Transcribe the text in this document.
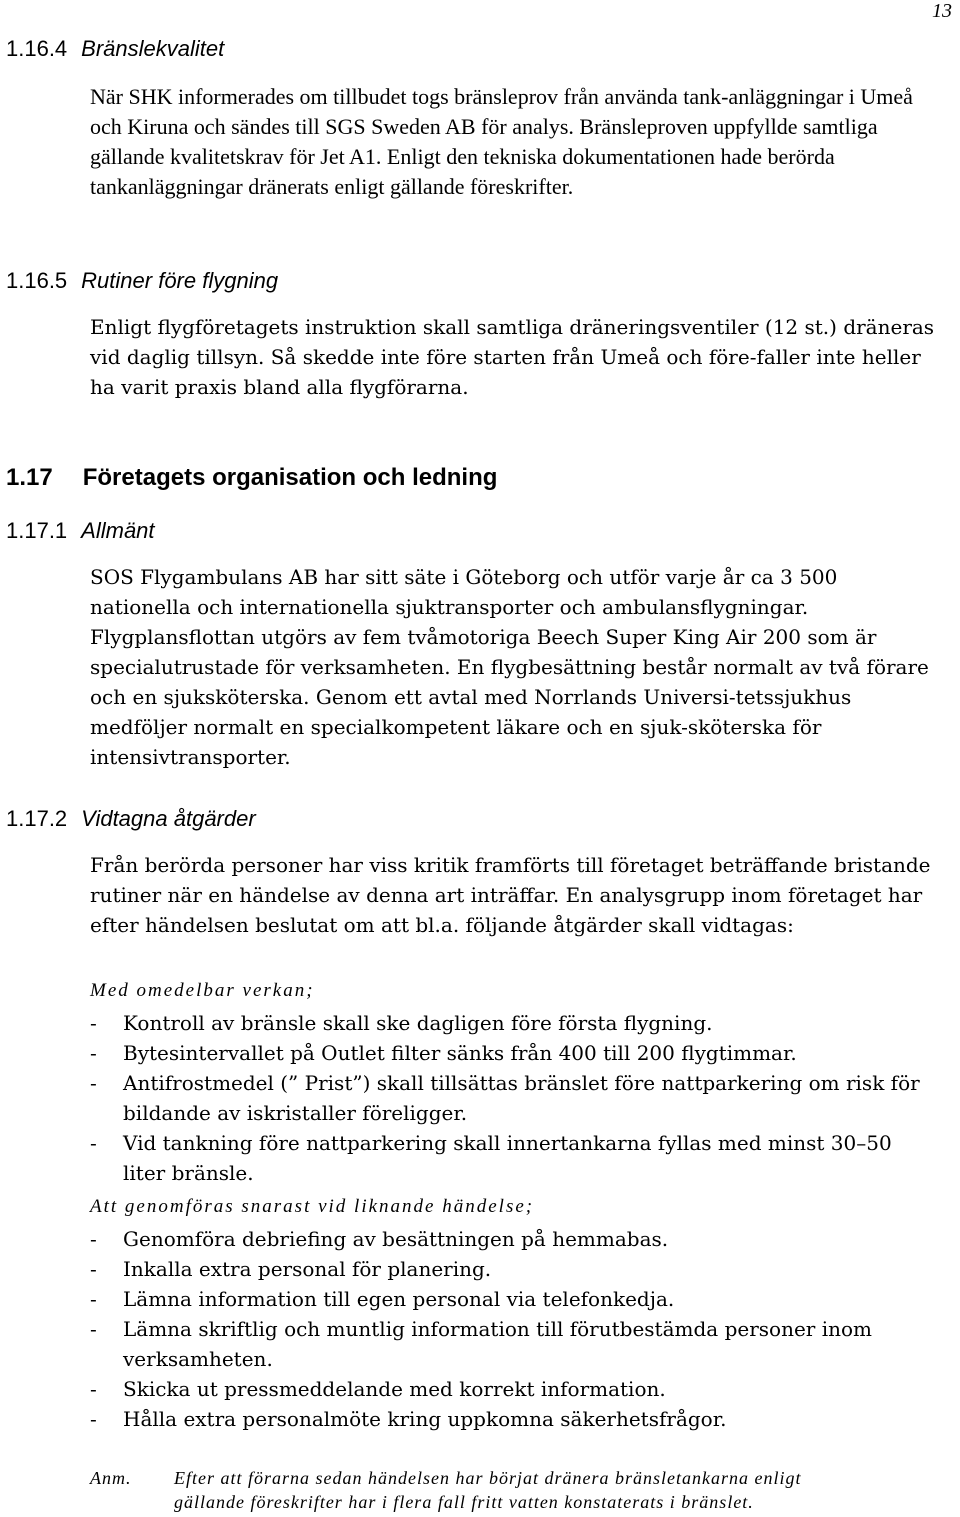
13
1.16.4 Bränslekvalitet
När SHK informerades om tillbudet togs bränsleprov från använda tank-anläggningar i Umeå och Kiruna och sändes till SGS Sweden AB för analys. Bränsleproven uppfyllde samtliga gällande kvalitetskrav för Jet A1. Enligt den tekniska dokumentationen hade berörda tankanläggningar dränerats enligt gällande föreskrifter.
1.16.5 Rutiner före flygning
Enligt flygföretagets instruktion skall samtliga dräneringsventiler (12 st.) dräneras vid daglig tillsyn. Så skedde inte före starten från Umeå och före-faller inte heller ha varit praxis bland alla flygförarna.
1.17 Företagets organisation och ledning
1.17.1 Allmänt
SOS Flygambulans AB har sitt säte i Göteborg och utför varje år ca 3 500 nationella och internationella sjuktransporter och ambulansflygningar. Flygplansflottan utgörs av fem tvåmotoriga Beech Super King Air 200 som är specialutrustade för verksamheten. En flygbesättning består normalt av två förare och en sjuksköterska. Genom ett avtal med Norrlands Universi-tetssjukhus medföljer normalt en specialkompetent läkare och en sjuk-sköterska för intensivtransporter.
1.17.2 Vidtagna åtgärder
Från berörda personer har viss kritik framförts till företaget beträffande bristande rutiner när en händelse av denna art inträffar. En analysgrupp inom företaget har efter händelsen beslutat om att bl.a. följande åtgärder skall vidtagas:
Med omedelbar verkan;
- Kontroll av bränsle skall ske dagligen före första flygning.
- Bytesintervallet på Outlet filter sänks från 400 till 200 flygtimmar.
- Antifrostmedel (” Prist”) skall tillsättas bränslet före nattparkering om risk för bildande av iskristaller föreligger.
- Vid tankning före nattparkering skall innertankarna fyllas med minst 30–50 liter bränsle.
Att genomföras snarast vid liknande händelse;
- Genomföra debriefing av besättningen på hemmabas.
- Inkalla extra personal för planering.
- Lämna information till egen personal via telefonkedja.
- Lämna skriftlig och muntlig information till förutbestämda personer inom verksamheten.
- Skicka ut pressmeddelande med korrekt information.
- Hålla extra personalmöte kring uppkomna säkerhetsfrågor.
Anm. Efter att förarna sedan händelsen har börjat dränera bränsletankarna enligt
gällande föreskrifter har i flera fall fritt vatten konstaterats i bränslet.
